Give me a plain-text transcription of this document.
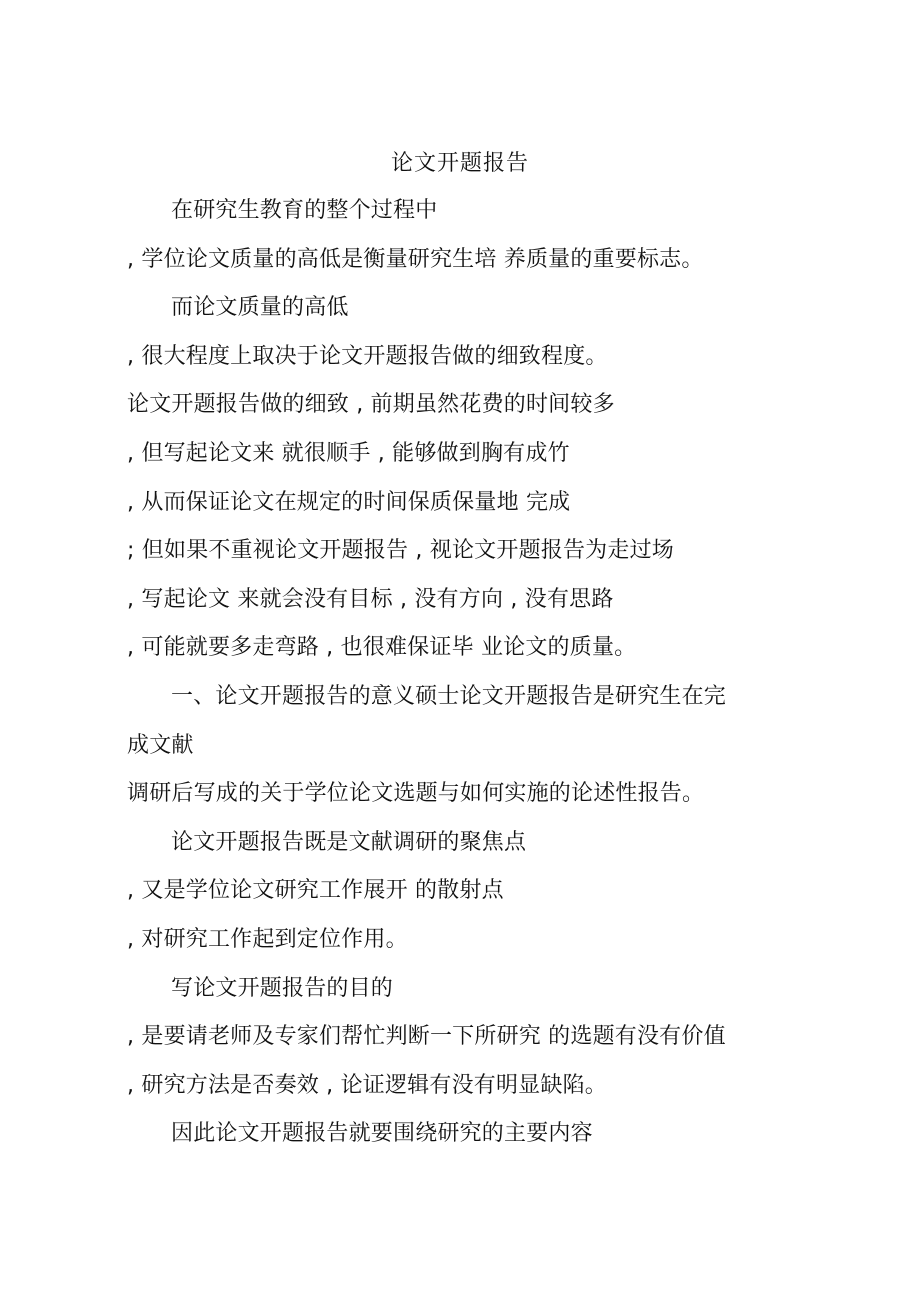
论文开题报告
在研究生教育的整个过程中
, 学位论文质量的高低是衡量研究生培 养质量的重要标志。
而论文质量的高低
, 很大程度上取决于论文开题报告做的细致程度。
论文开题报告做的细致 , 前期虽然花费的时间较多
, 但写起论文来 就很顺手 , 能够做到胸有成竹
, 从而保证论文在规定的时间保质保量地 完成
; 但如果不重视论文开题报告 , 视论文开题报告为走过场
, 写起论文 来就会没有目标 , 没有方向 , 没有思路
, 可能就要多走弯路 , 也很难保证毕 业论文的质量。
一、论文开题报告的意义硕士论文开题报告是研究生在完
成文献
调研后写成的关于学位论文选题与如何实施的论述性报告。
论文开题报告既是文献调研的聚焦点
, 又是学位论文研究工作展开 的散射点
, 对研究工作起到定位作用。
写论文开题报告的目的
, 是要请老师及专家们帮忙判断一下所研究 的选题有没有价值
, 研究方法是否奏效 , 论证逻辑有没有明显缺陷。
因此论文开题报告就要围绕研究的主要内容
